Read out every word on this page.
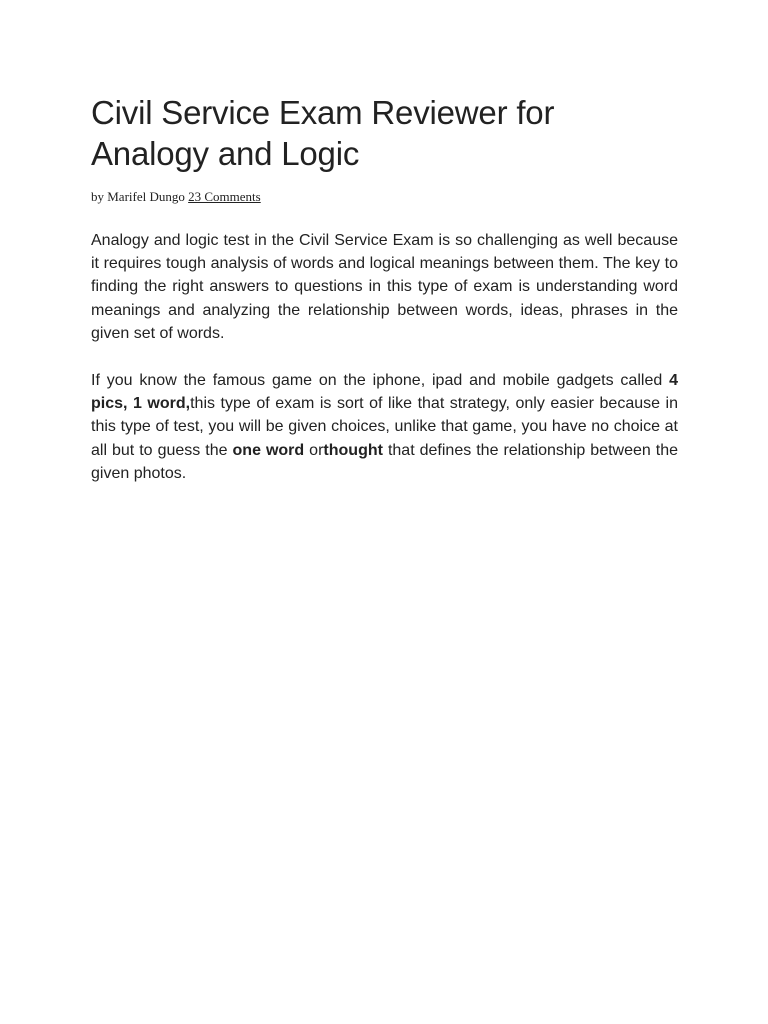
Civil Service Exam Reviewer for Analogy and Logic
by Marifel Dungo 23 Comments

Analogy and logic test in the Civil Service Exam is so challenging as well because it requires tough analysis of words and logical meanings between them. The key to finding the right answers to questions in this type of exam is understanding word meanings and analyzing the relationship between words, ideas, phrases in the given set of words.

If you know the famous game on the iphone, ipad and mobile gadgets called 4 pics, 1 word,this type of exam is sort of like that strategy, only easier because in this type of test, you will be given choices, unlike that game, you have no choice at all but to guess the one word orthought that defines the relationship between the given photos.
